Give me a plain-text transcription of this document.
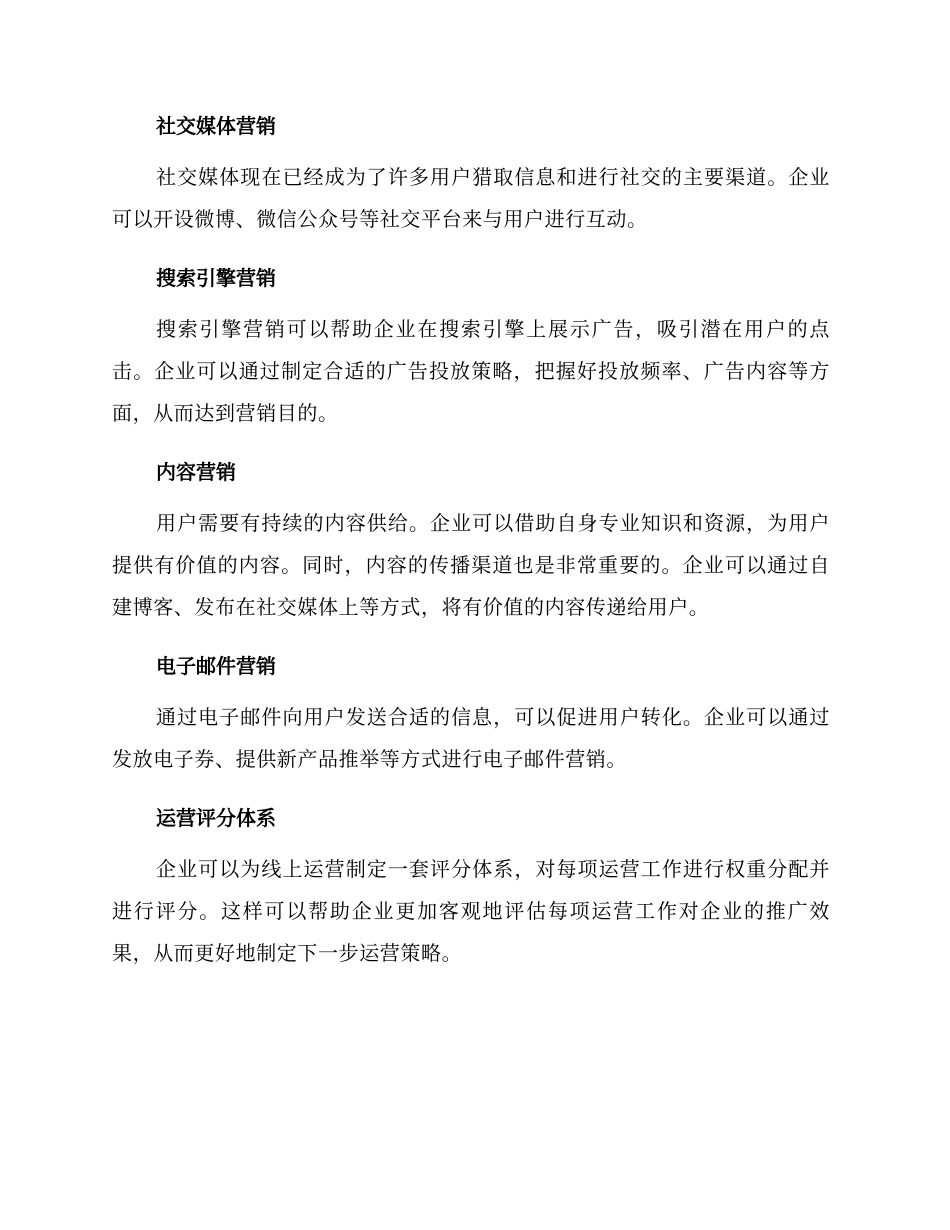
社交媒体营销

社交媒体现在已经成为了许多用户猎取信息和进行社交的主要渠道。企业可以开设微博、微信公众号等社交平台来与用户进行互动。

搜索引擎营销

搜索引擎营销可以帮助企业在搜索引擎上展示广告，吸引潜在用户的点击。企业可以通过制定合适的广告投放策略，把握好投放频率、广告内容等方面，从而达到营销目的。

内容营销

用户需要有持续的内容供给。企业可以借助自身专业知识和资源，为用户提供有价值的内容。同时，内容的传播渠道也是非常重要的。企业可以通过自建博客、发布在社交媒体上等方式，将有价值的内容传递给用户。

电子邮件营销

通过电子邮件向用户发送合适的信息，可以促进用户转化。企业可以通过发放电子券、提供新产品推举等方式进行电子邮件营销。

运营评分体系

企业可以为线上运营制定一套评分体系，对每项运营工作进行权重分配并进行评分。这样可以帮助企业更加客观地评估每项运营工作对企业的推广效果，从而更好地制定下一步运营策略。
